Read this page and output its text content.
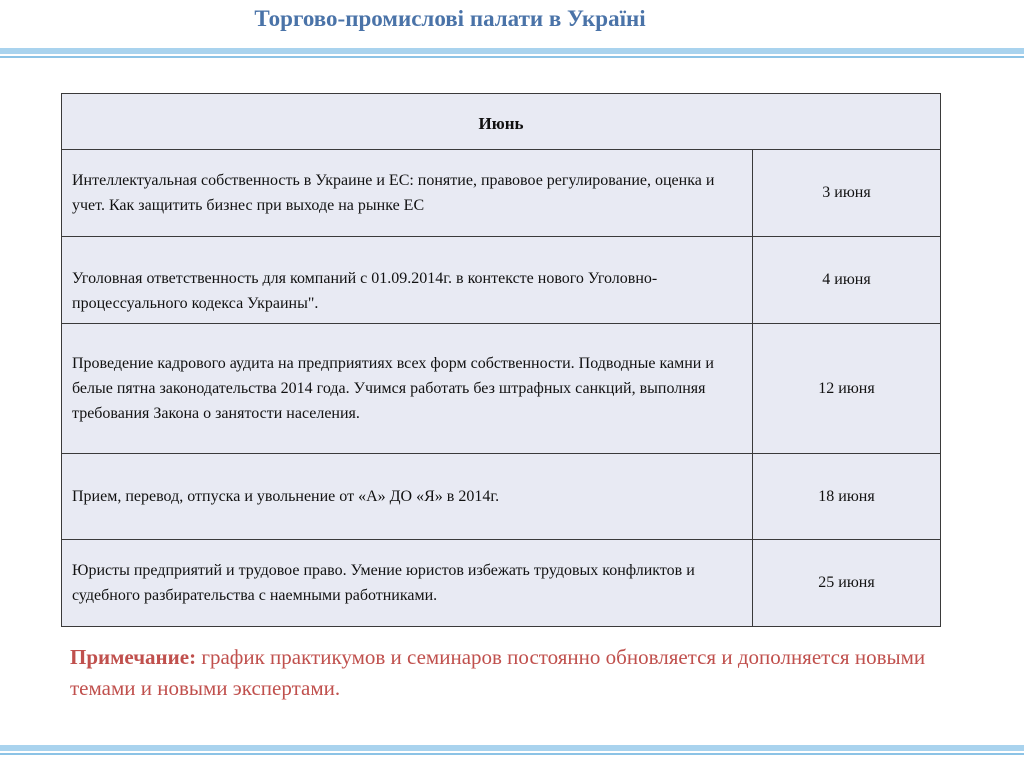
Торгово-промислові палати в Україні
Июнь	
Интеллектуальная собственность в Украине и ЕС: понятие, правовое регулирование, оценка и учет. Как защитить бизнес при выходе на рынке ЕС	3 июня
Уголовная ответственность для компаний с 01.09.2014г. в контексте нового Уголовно-процессуального кодекса Украины".	4 июня
Проведение кадрового аудита на предприятиях всех форм собственности. Подводные камни и белые пятна законодательства 2014 года. Учимся работать без штрафных санкций, выполняя требования Закона о занятости населения.	12 июня
Прием, перевод, отпуска и увольнение от «А» ДО «Я» в 2014г.	18 июня
Юристы предприятий и трудовое право. Умение юристов избежать трудовых конфликтов и судебного разбирательства с наемными работниками.	25 июня
Примечание: график практикумов и семинаров постоянно обновляется и дополняется новыми темами и новыми экспертами.
